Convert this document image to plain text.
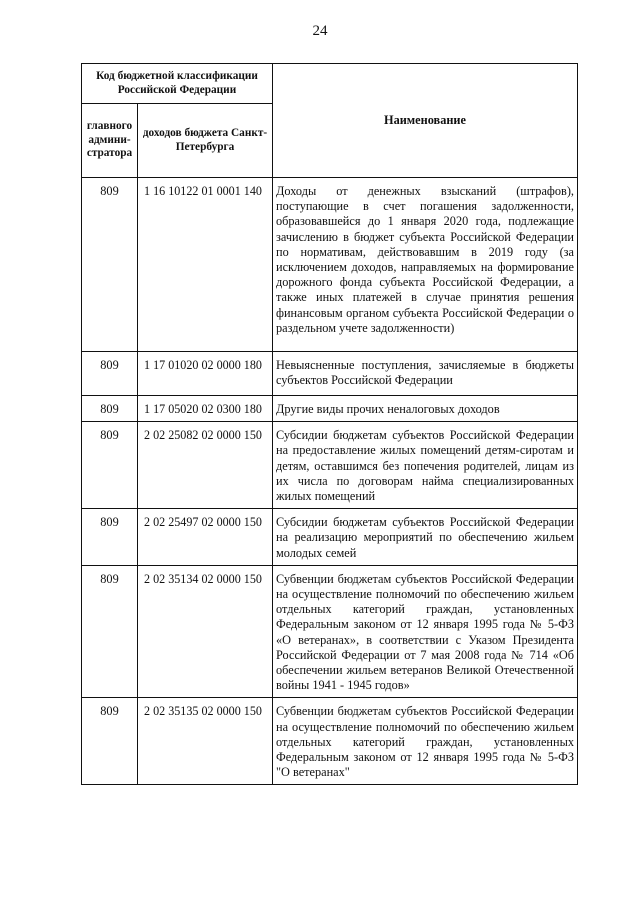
24
Код бюджетной классификации Российской Федерации		Наименование
главного админи-стратора	доходов бюджета Санкт-Петербурга	
809	1 16 10122 01 0001 140	Доходы от денежных взысканий (штрафов), поступающие в счет погашения задолженности, образовавшейся до 1 января 2020 года, подлежащие зачислению в бюджет субъекта Российской Федерации по нормативам, действовавшим в 2019 году (за исключением доходов, направляемых на формирование дорожного фонда субъекта Российской Федерации, а также иных платежей в случае принятия решения финансовым органом субъекта Российской Федерации о раздельном учете задолженности)
809	1 17 01020 02 0000 180	Невыясненные поступления, зачисляемые в бюджеты субъектов Российской Федерации
809	1 17 05020 02 0300 180	Другие виды прочих неналоговых доходов
809	2 02 25082 02 0000 150	Субсидии бюджетам субъектов Российской Федерации на предоставление жилых помещений детям-сиротам и детям, оставшимся без попечения родителей, лицам из их числа по договорам найма специализированных жилых помещений
809	2 02 25497 02 0000 150	Субсидии бюджетам субъектов Российской Федерации на реализацию мероприятий по обеспечению жильем молодых семей
809	2 02 35134 02 0000 150	Субвенции бюджетам субъектов Российской Федерации на осуществление полномочий по обеспечению жильем отдельных категорий граждан, установленных Федеральным законом от 12 января 1995 года № 5-ФЗ «О ветеранах», в соответствии с Указом Президента Российской Федерации от 7 мая 2008 года № 714 «Об обеспечении жильем ветеранов Великой Отечественной войны 1941 - 1945 годов»
809	2 02 35135 02 0000 150	Субвенции бюджетам субъектов Российской Федерации на осуществление полномочий по обеспечению жильем отдельных категорий граждан, установленных Федеральным законом от 12 января 1995 года № 5-ФЗ "О ветеранах"
